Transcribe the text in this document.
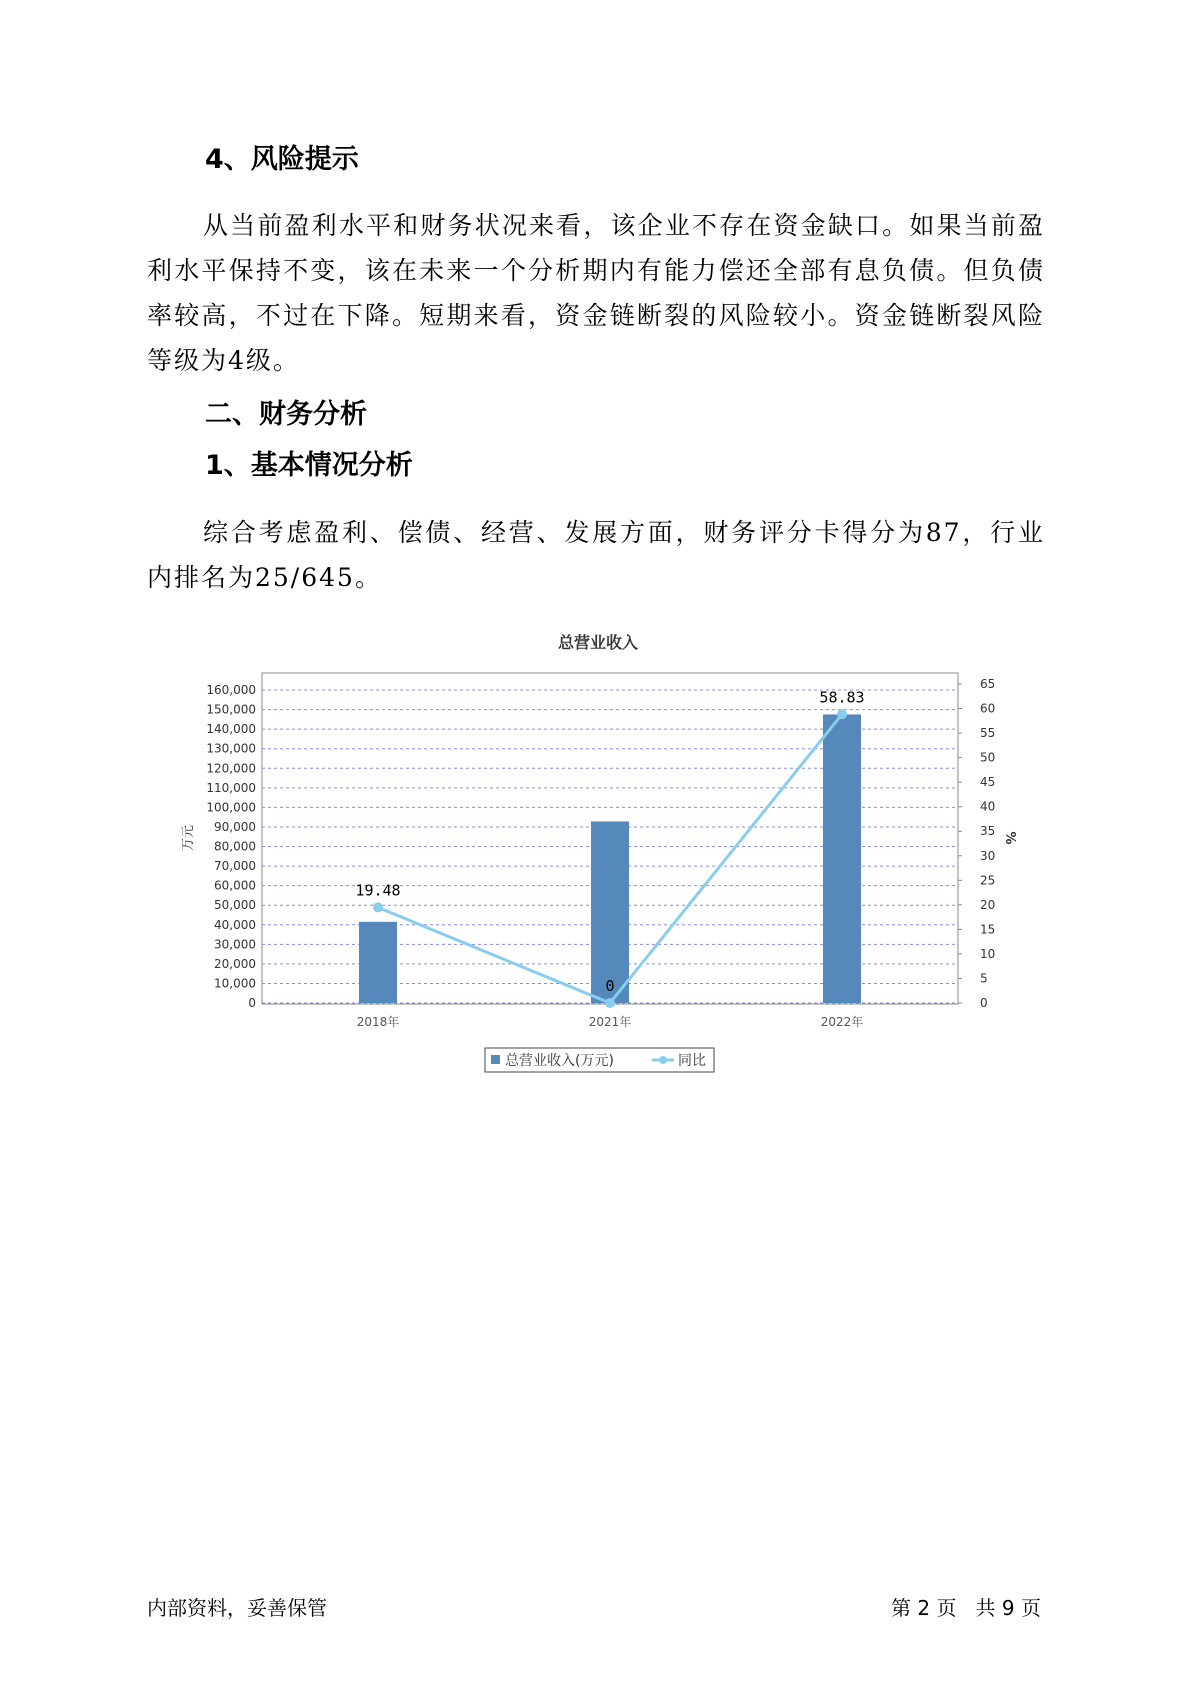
4、风险提示

从当前盈利水平和财务状况来看，该企业不存在资金缺口。如果当前盈利水平保持不变，该在未来一个分析期内有能力偿还全部有息负债。但负债率较高，不过在下降。短期来看，资金链断裂的风险较小。资金链断裂风险等级为4级。

二、财务分析
1、基本情况分析

综合考虑盈利、偿债、经营、发展方面，财务评分卡得分为87，行业内排名为25/645。

总营业收入
0
10,000
20,000
30,000
40,000
50,000
60,000
70,000
80,000
90,000
100,000
110,000
120,000
130,000
140,000
150,000
160,000
0
5
10
15
20
25
30
35
40
45
50
55
60
65
19.48
0
58.83
2018年	2021年	2022年
万元	%
总营业收入(万元)	同比
内部资料，妥善保管	第 2 页   共 9 页
